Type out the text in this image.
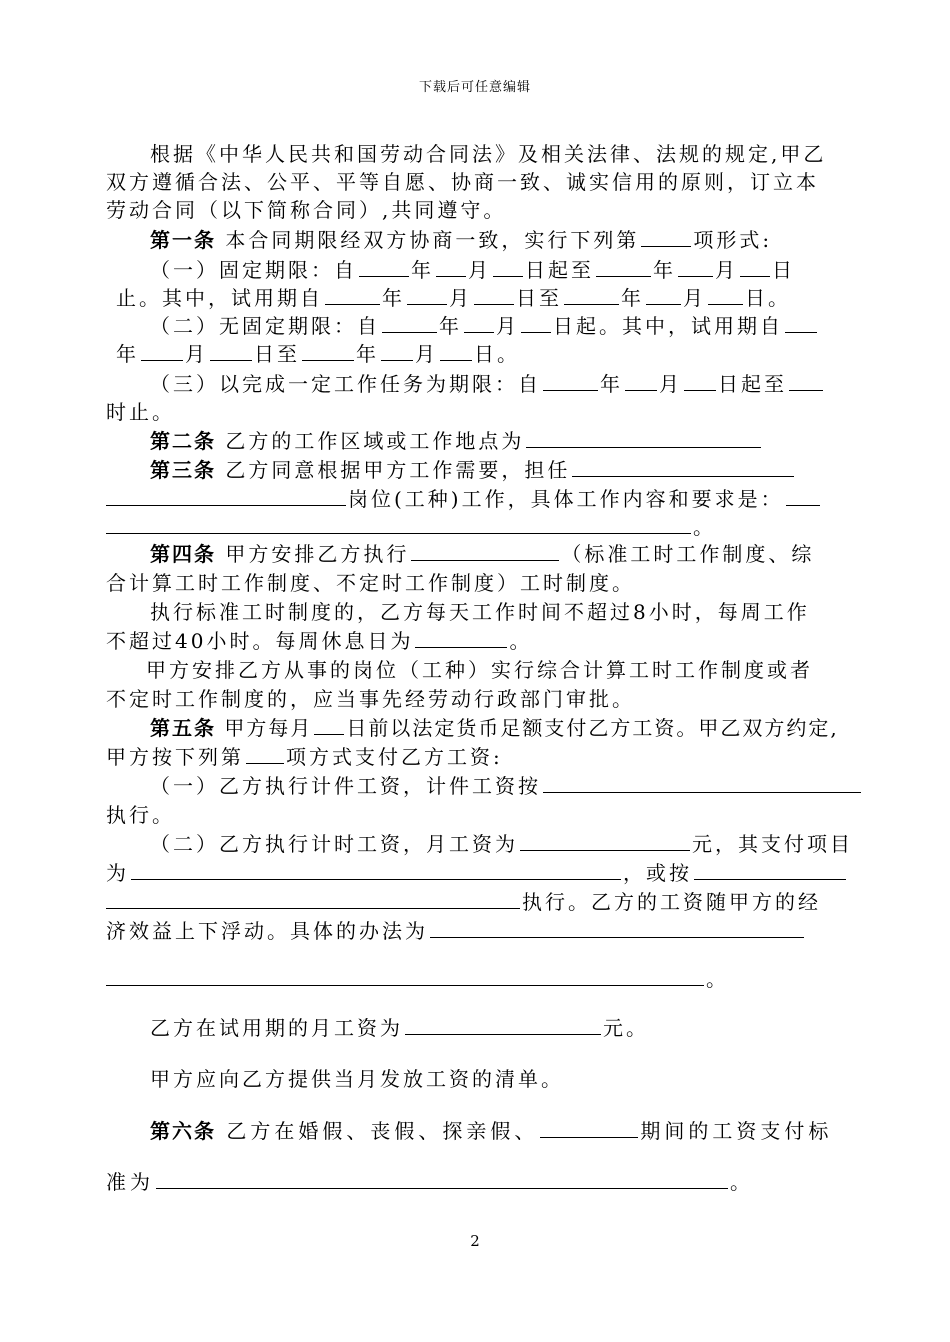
下载后可任意编辑
根据《中华人民共和国劳动合同法》及相关法律、法规的规定,甲乙
双方遵循合法、公平、平等自愿、协商一致、诚实信用的原则，订立本
劳动合同（以下简称合同）,共同遵守。
第一条 本合同期限经双方协商一致，实行下列第	项形式:
（一）固定期限：自	年 月 日起至	年 月 日
止。其中，试用期自	年 月 日至	年 月 日。
（二）无固定期限：自	年 月 日起。其中，试用期自
年 月 日至	年 月 日。
（三）以完成一定工作任务为期限：自	年 月 日起至
时止。
第二条 乙方的工作区域或工作地点为
第三条 乙方同意根据甲方工作需要，担任
岗位(工种)工作，具体工作内容和要求是：
。
第四条 甲方安排乙方执行	（标准工时工作制度、综
合计算工时工作制度、不定时工作制度）工时制度。
执行标准工时制度的，乙方每天工作时间不超过8小时，每周工作
不超过40小时。每周休息日为	。
甲方安排乙方从事的岗位（工种）实行综合计算工时工作制度或者
不定时工作制度的，应当事先经劳动行政部门审批。
第五条 甲方每月 日前以法定货币足额支付乙方工资。甲乙双方约定,
甲方按下列第 项方式支付乙方工资:
（一）乙方执行计件工资，计件工资按
执行。
（二）乙方执行计时工资，月工资为	元，其支付项目
为	，或按
执行。乙方的工资随甲方的经
济效益上下浮动。具体的办法为
。
乙方在试用期的月工资为	元。
甲方应向乙方提供当月发放工资的清单。
第六条 乙方在婚假、丧假、探亲假、	期间的工资支付标
准为	。
2
